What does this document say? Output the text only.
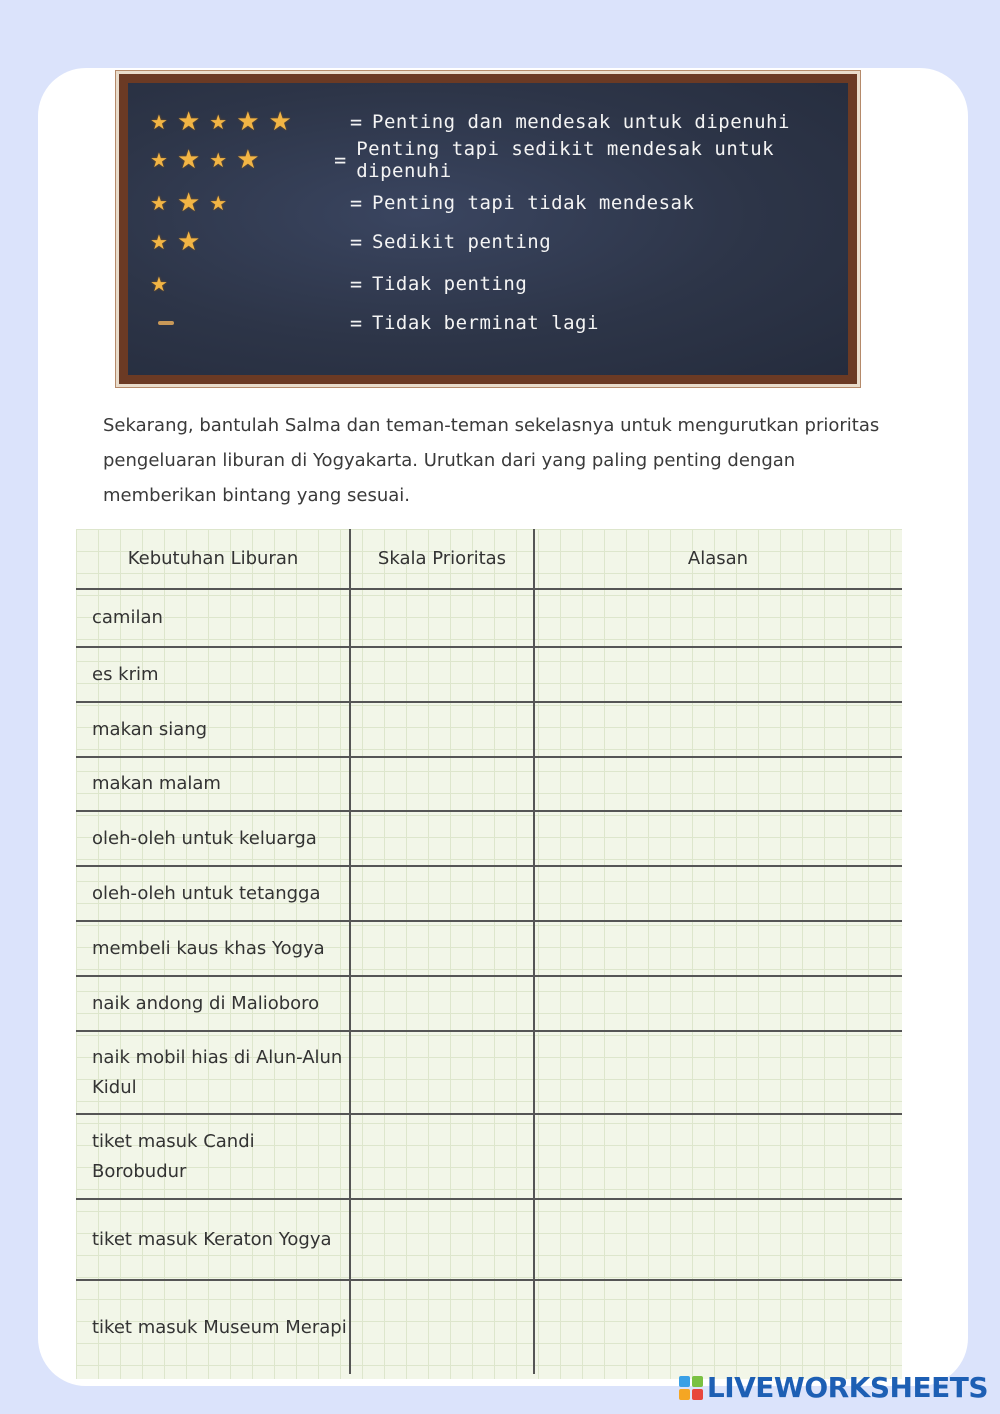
★ ★ ★ ★ ★	= Penting dan mendesak untuk dipenuhi
★ ★ ★ ★	= Penting tapi sedikit mendesak untuk dipenuhi
★ ★ ★	= Penting tapi tidak mendesak
★ ★	= Sedikit penting
★	= Tidak penting
= Tidak berminat lagi

Sekarang, bantulah Salma dan teman-teman sekelasnya untuk mengurutkan prioritas pengeluaran liburan di Yogyakarta. Urutkan dari yang paling penting dengan memberikan bintang yang sesuai.

Kebutuhan Liburan	Skala Prioritas	Alasan
camilan		
es krim		
makan siang		
makan malam		
oleh-oleh untuk keluarga		
oleh-oleh untuk tetangga		
membeli kaus khas Yogya		
naik andong di Malioboro		
naik mobil hias di Alun-Alun Kidul		
tiket masuk Candi Borobudur		
tiket masuk Keraton Yogya		
tiket masuk Museum Merapi		
LIVEWORKSHEETS
